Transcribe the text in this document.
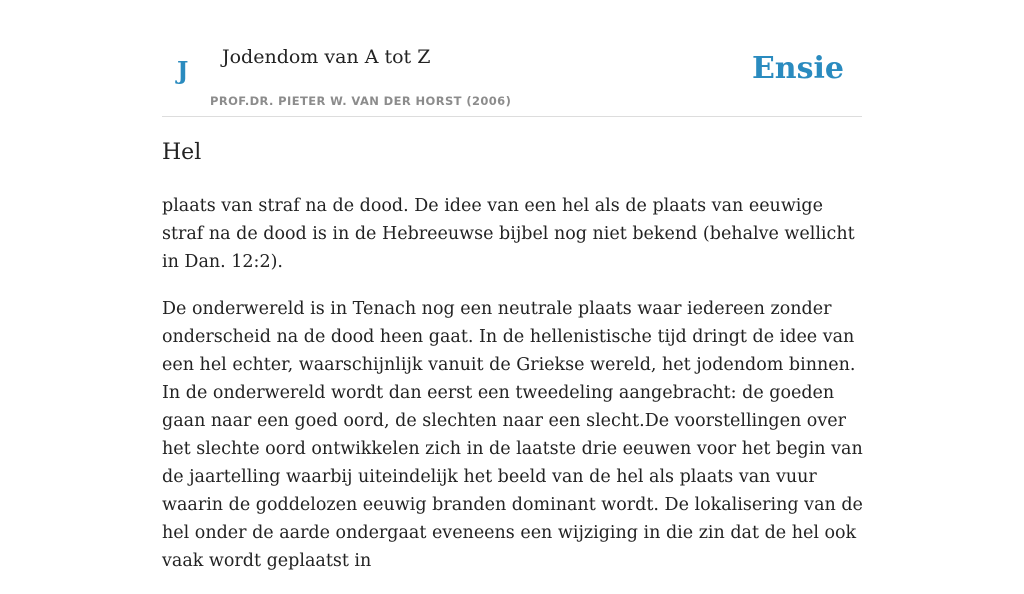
J	Jodendom van A tot Z
PROF.DR. PIETER W. VAN DER HORST (2006)
Ensie
Hel

plaats van straf na de dood. De idee van een hel als de plaats van eeuwige straf na de dood is in de Hebreeuwse bijbel nog niet bekend (behalve wellicht in Dan. 12:2).

De onderwereld is in Tenach nog een neutrale plaats waar iedereen zonder onderscheid na de dood heen gaat. In de hellenistische tijd dringt de idee van een hel echter, waarschijnlijk vanuit de Griekse wereld, het jodendom binnen. In de onderwereld wordt dan eerst een tweedeling aangebracht: de goeden gaan naar een goed oord, de slechten naar een slecht.De voorstellingen over het slechte oord ontwikkelen zich in de laatste drie eeuwen voor het begin van de jaartelling waarbij uiteindelijk het beeld van de hel als plaats van vuur waarin de goddelozen eeuwig branden dominant wordt. De lokalisering van de hel onder de aarde ondergaat eveneens een wijziging in die zin dat de hel ook vaak wordt geplaatst in
